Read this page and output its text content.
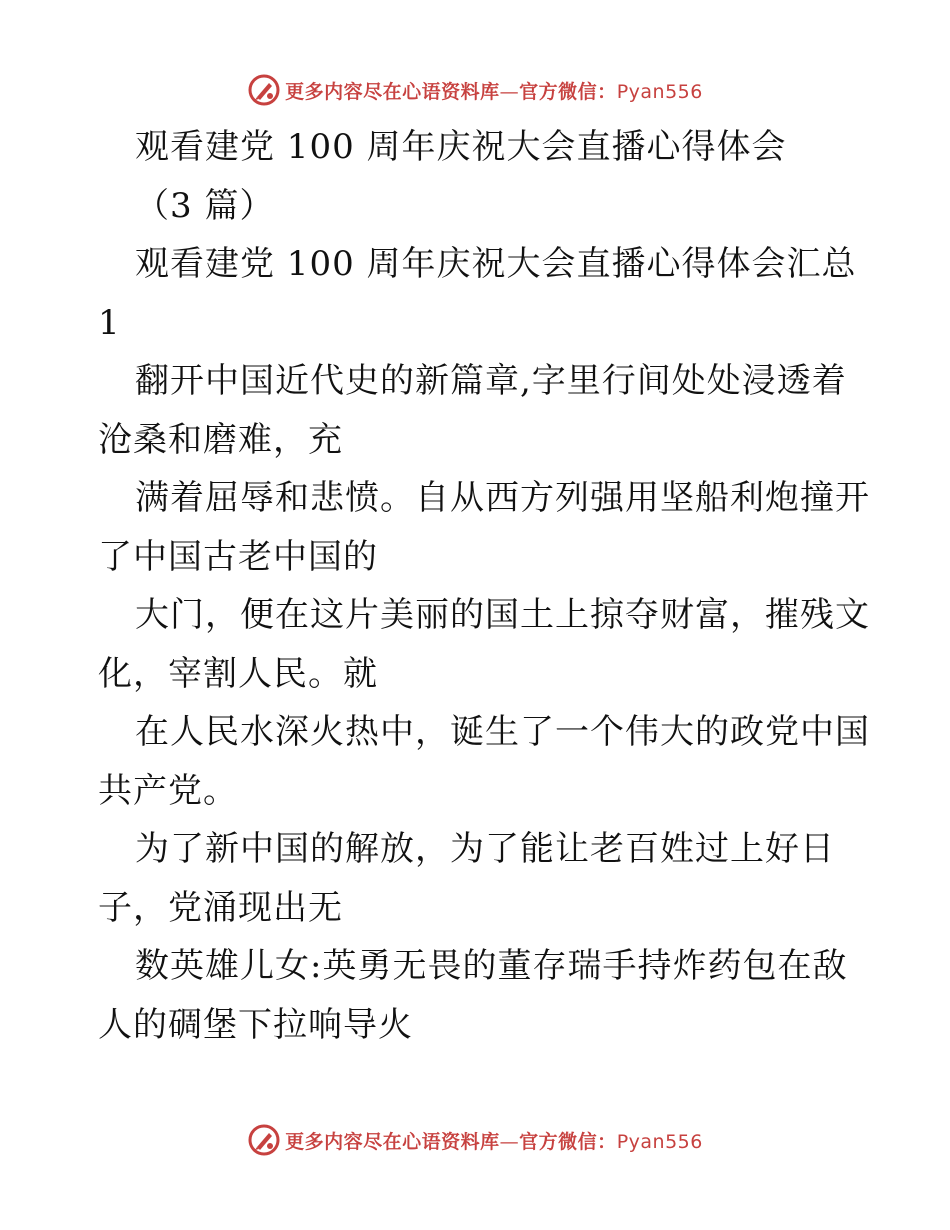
更多内容尽在心语资料库—官方微信：Pyan556
观看建党 100 周年庆祝大会直播心得体会
（3 篇）
观看建党 100 周年庆祝大会直播心得体会汇总
1
翻开中国近代史的新篇章,字里行间处处浸透着
沧桑和磨难，充
满着屈辱和悲愤。自从西方列强用坚船利炮撞开
了中国古老中国的
大门，便在这片美丽的国土上掠夺财富，摧残文
化，宰割人民。就
在人民水深火热中，诞生了一个伟大的政党中国
共产党。
为了新中国的解放，为了能让老百姓过上好日
子，党涌现出无
数英雄儿女:英勇无畏的董存瑞手持炸药包在敌
人的碉堡下拉响导火
更多内容尽在心语资料库—官方微信：Pyan556
